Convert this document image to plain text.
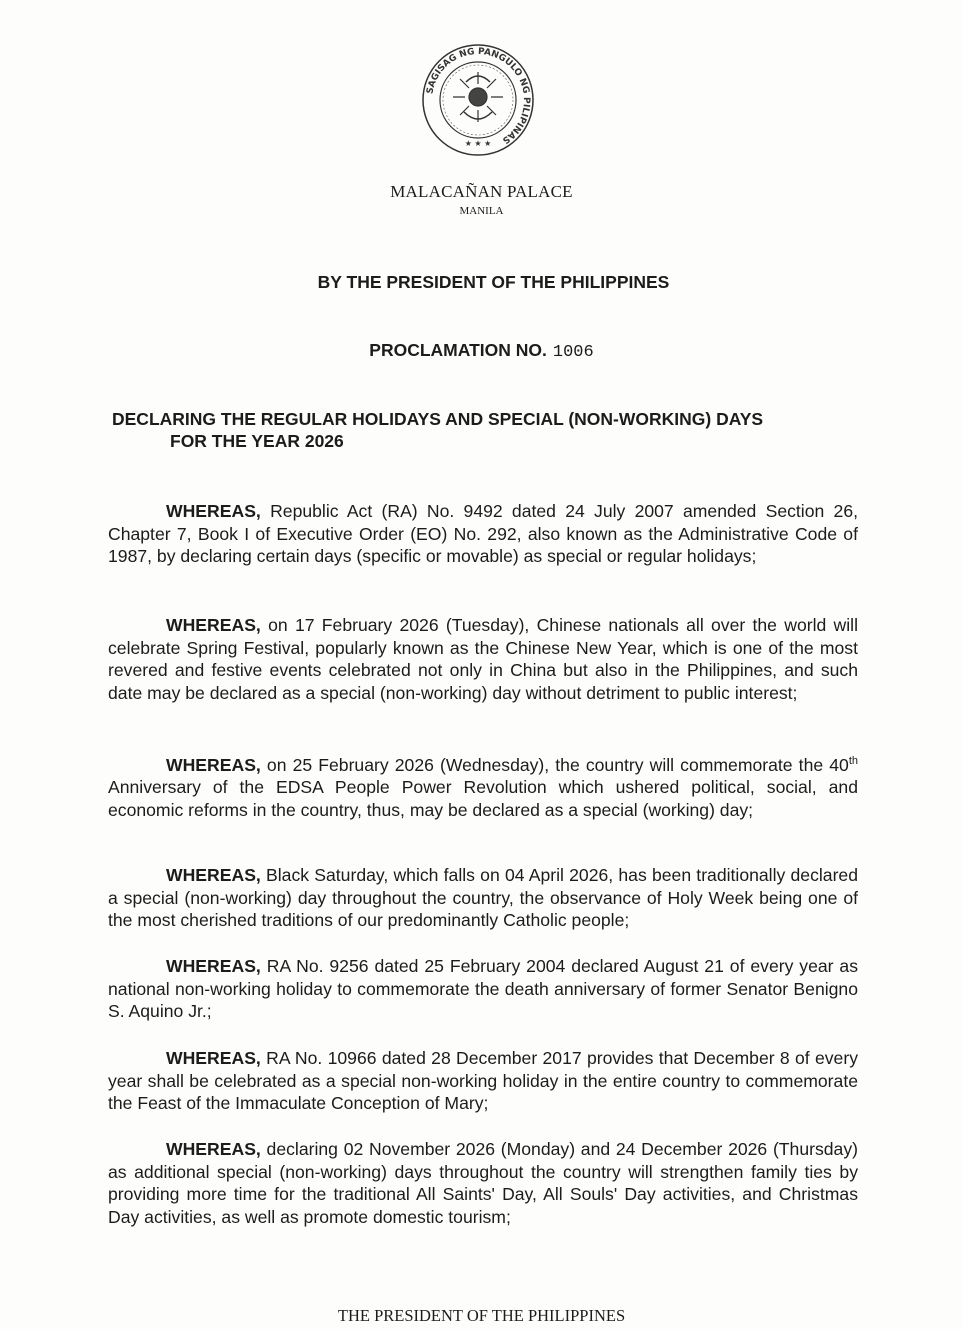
SAGISAG NG PANGULO NG PILIPINAS
★ ★ ★
MALACAÑAN PALACE
MANILA
BY THE PRESIDENT OF THE PHILIPPINES
PROCLAMATION NO. 1006
DECLARING THE REGULAR HOLIDAYS AND SPECIAL (NON-WORKING) DAYS
FOR THE YEAR 2026

WHEREAS, Republic Act (RA) No. 9492 dated 24 July 2007 amended Section 26, Chapter 7, Book I of Executive Order (EO) No. 292, also known as the Administrative Code of 1987, by declaring certain days (specific or movable) as special or regular holidays;

WHEREAS, on 17 February 2026 (Tuesday), Chinese nationals all over the world will celebrate Spring Festival, popularly known as the Chinese New Year, which is one of the most revered and festive events celebrated not only in China but also in the Philippines, and such date may be declared as a special (non-working) day without detriment to public interest;

WHEREAS, on 25 February 2026 (Wednesday), the country will commemorate the 40th Anniversary of the EDSA People Power Revolution which ushered political, social, and economic reforms in the country, thus, may be declared as a special (working) day;

WHEREAS, Black Saturday, which falls on 04 April 2026, has been traditionally declared a special (non-working) day throughout the country, the observance of Holy Week being one of the most cherished traditions of our predominantly Catholic people;

WHEREAS, RA No. 9256 dated 25 February 2004 declared August 21 of every year as national non-working holiday to commemorate the death anniversary of former Senator Benigno S. Aquino Jr.;

WHEREAS, RA No. 10966 dated 28 December 2017 provides that December 8 of every year shall be celebrated as a special non-working holiday in the entire country to commemorate the Feast of the Immaculate Conception of Mary;

WHEREAS, declaring 02 November 2026 (Monday) and 24 December 2026 (Thursday) as additional special (non-working) days throughout the country will strengthen family ties by providing more time for the traditional All Saints' Day, All Souls' Day activities, and Christmas Day activities, as well as promote domestic tourism;

THE PRESIDENT OF THE PHILIPPINES
